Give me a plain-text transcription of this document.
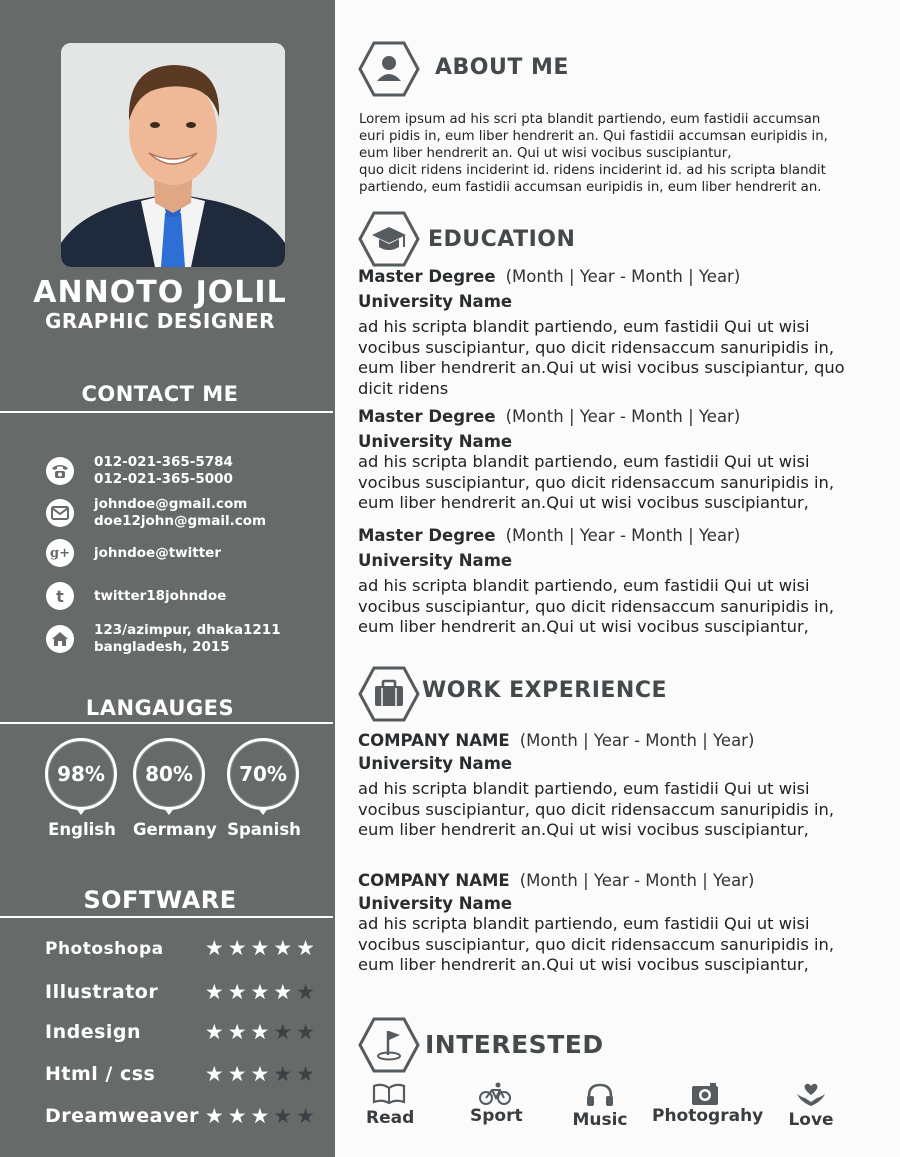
ANNOTO JOLIL
GRAPHIC DESIGNER
CONTACT ME
012-021-365-5784
012-021-365-5000
johndoe@gmail.com
doe12john@gmail.com
g+ johndoe@twitter
t twitter18johndoe
123/azimpur, dhaka1211
bangladesh, 2015
LANGAUGES
98%
English
80%
Germany
70%
Spanish
SOFTWARE
Photoshopa ★ ★ ★ ★ ★
Illustrator ★ ★ ★ ★ ★
Indesign	★ ★ ★ ★ ★
Html / css ★ ★ ★ ★ ★
Dreamweaver ★ ★ ★ ★ ★
ABOUT ME
Lorem ipsum ad his scri pta blandit partiendo, eum fastidii accumsan
euri pidis in, eum liber hendrerit an. Qui fastidii accumsan euripidis in,
eum liber hendrerit an. Qui ut wisi vocibus suscipiantur,
quo dicit ridens inciderint id. ridens inciderint id. ad his scripta blandit
partiendo, eum fastidii accumsan euripidis in, eum liber hendrerit an.
EDUCATION
Master Degree (Month | Year - Month | Year)
University Name
ad his scripta blandit partiendo, eum fastidii Qui ut wisi
vocibus suscipiantur, quo dicit ridensaccum sanuripidis in,
eum liber hendrerit an.Qui ut wisi vocibus suscipiantur, quo
dicit ridens
Master Degree (Month | Year - Month | Year)
University Name
ad his scripta blandit partiendo, eum fastidii Qui ut wisi
vocibus suscipiantur, quo dicit ridensaccum sanuripidis in,
eum liber hendrerit an.Qui ut wisi vocibus suscipiantur,
Master Degree (Month | Year - Month | Year)
University Name
ad his scripta blandit partiendo, eum fastidii Qui ut wisi
vocibus suscipiantur, quo dicit ridensaccum sanuripidis in,
eum liber hendrerit an.Qui ut wisi vocibus suscipiantur,
WORK EXPERIENCE
COMPANY NAME (Month | Year - Month | Year)
University Name
ad his scripta blandit partiendo, eum fastidii Qui ut wisi
vocibus suscipiantur, quo dicit ridensaccum sanuripidis in,
eum liber hendrerit an.Qui ut wisi vocibus suscipiantur,
COMPANY NAME (Month | Year - Month | Year)
University Name
ad his scripta blandit partiendo, eum fastidii Qui ut wisi
vocibus suscipiantur, quo dicit ridensaccum sanuripidis in,
eum liber hendrerit an.Qui ut wisi vocibus suscipiantur,
INTERESTED
Read	Sport	Music Photograhy Love
